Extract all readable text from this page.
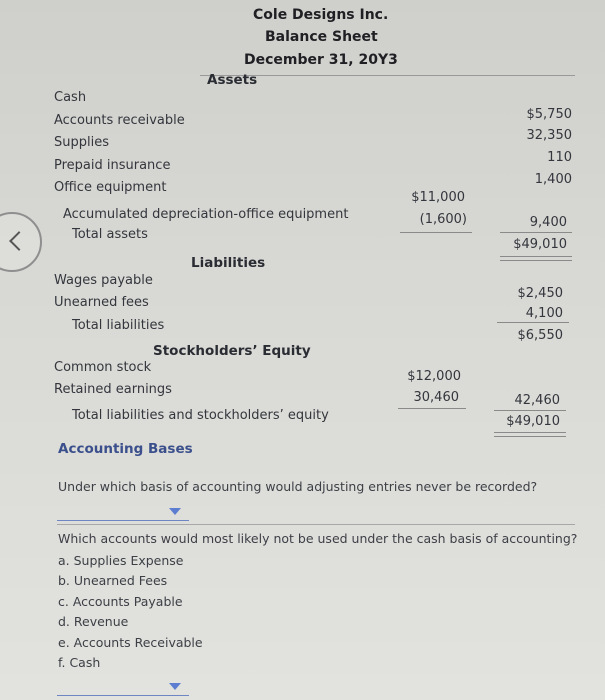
Cole Designs Inc.
Balance Sheet
December 31, 20Y3
Assets
Cash
Accounts receivable
Supplies
Prepaid insurance
Office equipment
Accumulated depreciation-office equipment
Total assets
$5,750
32,350
110
1,400
$11,000
(1,600)	9,400
$49,010
Liabilities
Wages payable
Unearned fees
Total liabilities
$2,450
4,100
$6,550
Stockholders’ Equity
Common stock
Retained earnings
Total liabilities and stockholders’ equity
$12,000
30,460	42,460
$49,010
Accounting Bases
Under which basis of accounting would adjusting entries never be recorded?
Which accounts would most likely not be used under the cash basis of accounting?
a. Supplies Expense
b. Unearned Fees
c. Accounts Payable
d. Revenue
e. Accounts Receivable
f. Cash
